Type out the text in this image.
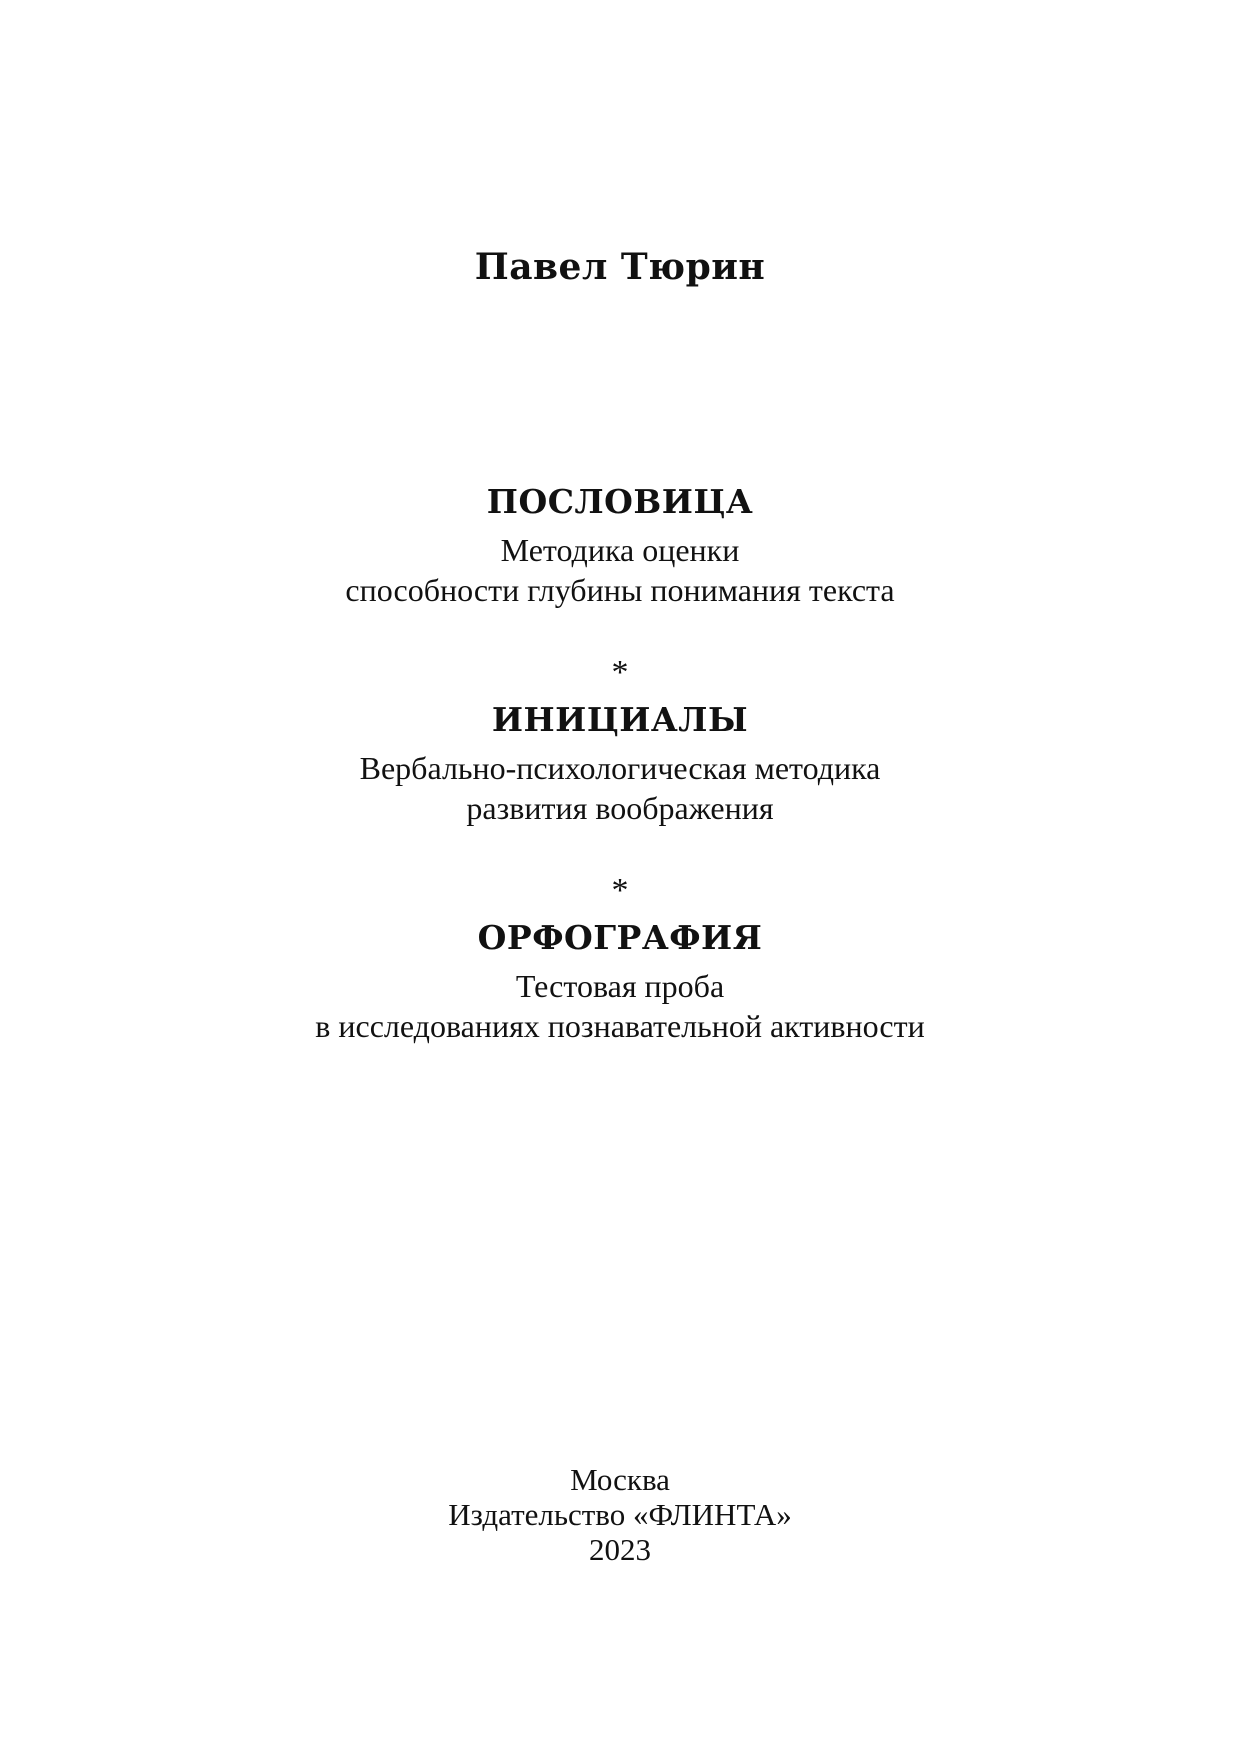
Павел Тюрин
ПОСЛОВИЦА
Методика оценки
способности глубины понимания текста
*
ИНИЦИАЛЫ
Вербально-психологическая методика
развития воображения
*
ОРФОГРАФИЯ
Тестовая проба
в исследованиях познавательной активности
Москва
Издательство «ФЛИНТА»
2023
